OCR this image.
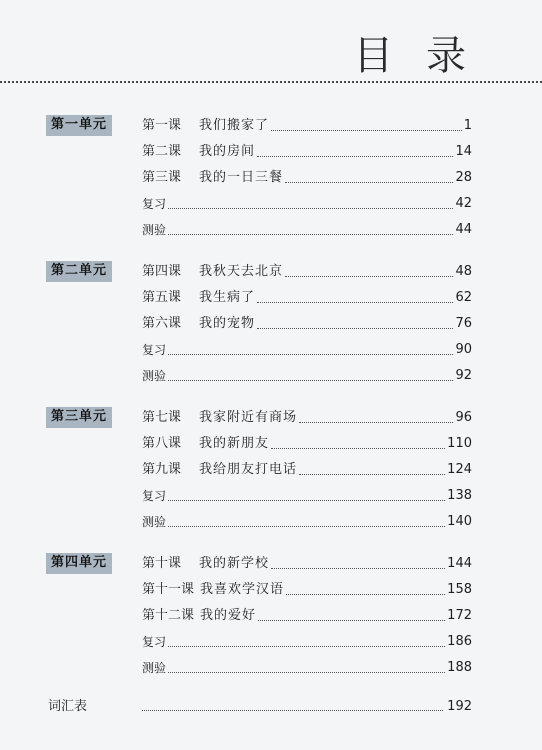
目 录
第一单元	第一课 我们搬家了	1
第二课 我的房间	14
第三课 我的一日三餐	28
复习	42
测验	44
第二单元	第四课 我秋天去北京	48
第五课 我生病了	62
第六课 我的宠物	76
复习	90
测验	92
第三单元	第七课 我家附近有商场	96
第八课 我的新朋友	110
第九课 我给朋友打电话	124
复习	138
测验	140
第四单元	第十课 我的新学校	144
第十一课 我喜欢学汉语	158
第十二课 我的爱好	172
复习	186
测验	188
词汇表	192
